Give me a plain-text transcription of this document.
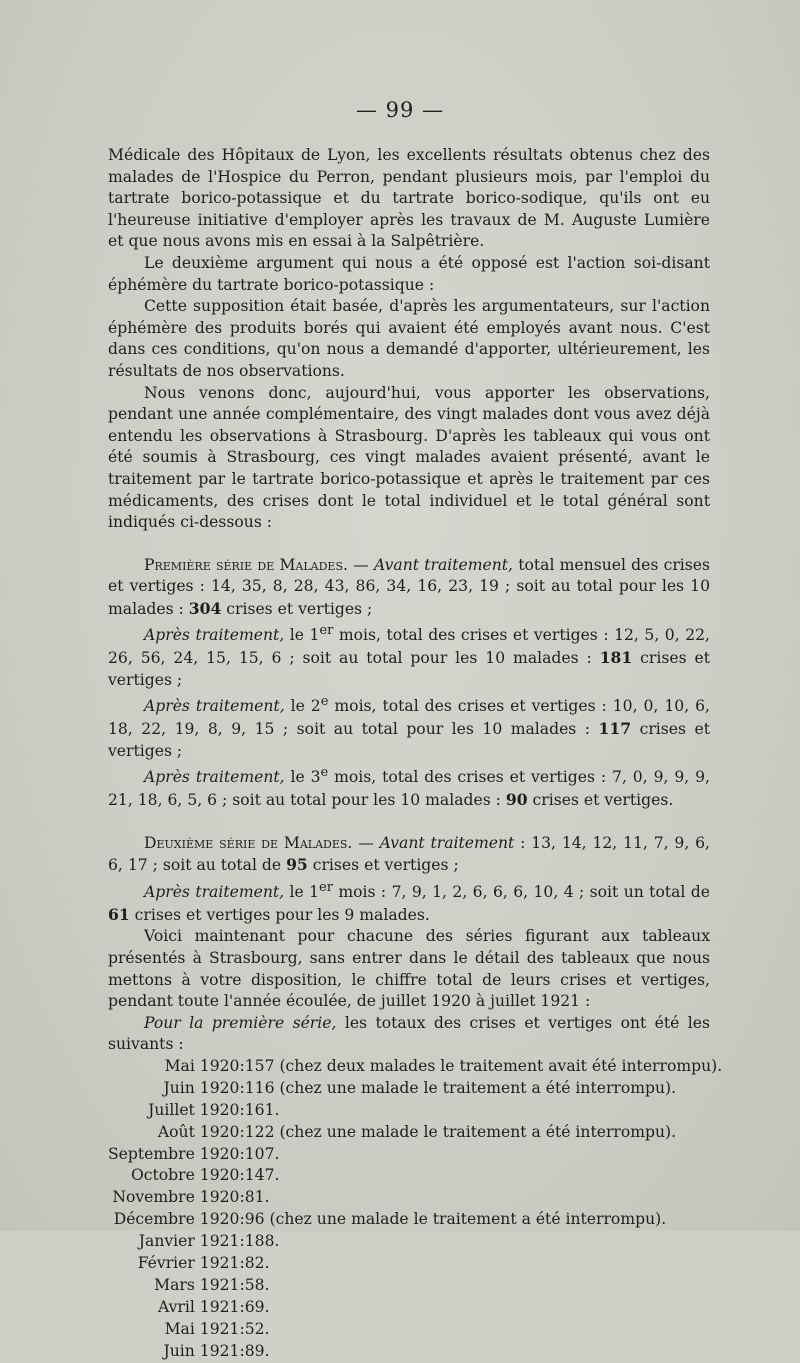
— 99 —

Médicale des Hôpitaux de Lyon, les excellents résultats obtenus chez des malades de l'Hospice du Perron, pendant plusieurs mois, par l'emploi du tartrate borico-potassique et du tartrate borico-sodique, qu'ils ont eu l'heureuse initiative d'employer après les travaux de M. Auguste Lumière et que nous avons mis en essai à la Salpêtrière.

Le deuxième argument qui nous a été opposé est l'action soi-disant éphémère du tartrate borico-potassique :

Cette supposition était basée, d'après les argumentateurs, sur l'action éphémère des produits borés qui avaient été employés avant nous. C'est dans ces conditions, qu'on nous a demandé d'apporter, ultérieurement, les résultats de nos observations.

Nous venons donc, aujourd'hui, vous apporter les observations, pendant une année complémentaire, des vingt malades dont vous avez déjà entendu les observations à Strasbourg. D'après les tableaux qui vous ont été soumis à Strasbourg, ces vingt malades avaient présenté, avant le traitement par le tartrate borico-potassique et après le traitement par ces médicaments, des crises dont le total individuel et le total général sont indiqués ci-dessous :

Première série de Malades. — Avant traitement, total mensuel des crises et vertiges : 14, 35, 8, 28, 43, 86, 34, 16, 23, 19 ; soit au total pour les 10 malades : 304 crises et vertiges ;

Après traitement, le 1er mois, total des crises et vertiges : 12, 5, 0, 22, 26, 56, 24, 15, 15, 6 ; soit au total pour les 10 malades : 181 crises et vertiges ;

Après traitement, le 2e mois, total des crises et vertiges : 10, 0, 10, 6, 18, 22, 19, 8, 9, 15 ; soit au total pour les 10 malades : 117 crises et vertiges ;

Après traitement, le 3e mois, total des crises et vertiges : 7, 0, 9, 9, 9, 21, 18, 6, 5, 6 ; soit au total pour les 10 malades : 90 crises et vertiges.

Deuxième série de Malades. — Avant traitement : 13, 14, 12, 11, 7, 9, 6, 6, 17 ; soit au total de 95 crises et vertiges ;

Après traitement, le 1er mois : 7, 9, 1, 2, 6, 6, 6, 10, 4 ; soit un total de 61 crises et vertiges pour les 9 malades.

Voici maintenant pour chacune des séries figurant aux tableaux présentés à Strasbourg, sans entrer dans le détail des tableaux que nous mettons à votre disposition, le chiffre total de leurs crises et vertiges, pendant toute l'année écoulée, de juillet 1920 à juillet 1921 :

Pour la première série, les totaux des crises et vertiges ont été les suivants :

Mai 1920	:	157 (chez deux malades le traitement avait été interrompu).
Juin 1920	:	116 (chez une malade le traitement a été interrompu).
Juillet 1920	:	161.
Août 1920	:	122 (chez une malade le traitement a été interrompu).
Septembre 1920	:	107.
Octobre 1920	:	147.
Novembre 1920	:	81.
Décembre 1920	:	96 (chez une malade le traitement a été interrompu).
Janvier 1921	:	188.
Février 1921	:	82.
Mars 1921	:	58.
Avril 1921	:	69.
Mai 1921	:	52.
Juin 1921	:	89.
